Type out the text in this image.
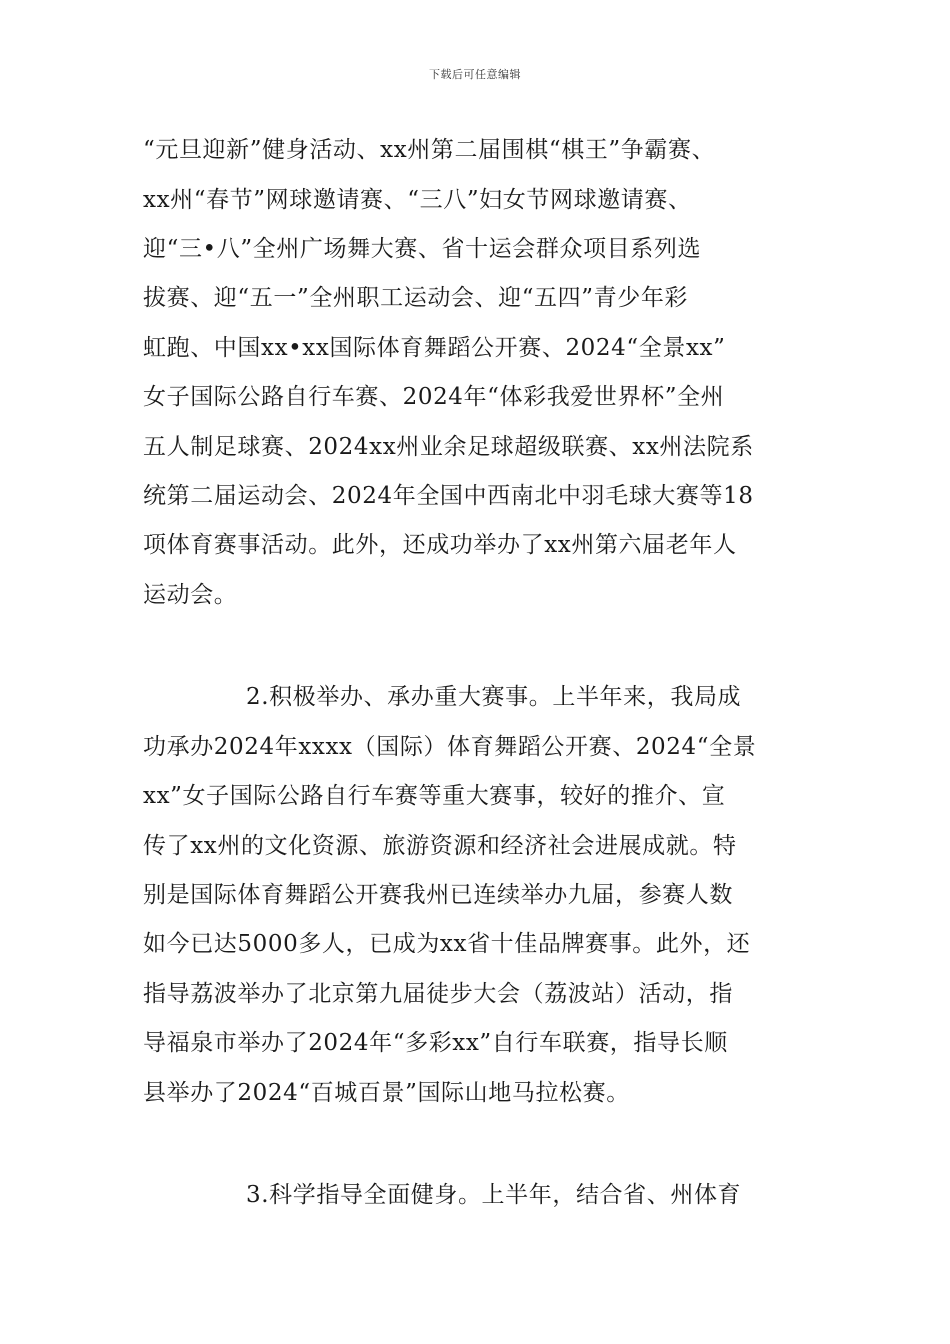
下载后可任意编辑
“元旦迎新”健身活动、xx州第二届围棋“棋王”争霸赛、
xx州“春节”网球邀请赛、“三八”妇女节网球邀请赛、
迎“三•八”全州广场舞大赛、省十运会群众项目系列选
拔赛、迎“五一”全州职工运动会、迎“五四”青少年彩
虹跑、中国xx•xx国际体育舞蹈公开赛、2024“全景xx”
女子国际公路自行车赛、2024年“体彩我爱世界杯”全州
五人制足球赛、2024xx州业余足球超级联赛、xx州法院系
统第二届运动会、2024年全国中西南北中羽毛球大赛等18
项体育赛事活动。此外，还成功举办了xx州第六届老年人
运动会。
2.积极举办、承办重大赛事。上半年来，我局成
功承办2024年xxxx（国际）体育舞蹈公开赛、2024“全景
xx”女子国际公路自行车赛等重大赛事，较好的推介、宣
传了xx州的文化资源、旅游资源和经济社会进展成就。特
别是国际体育舞蹈公开赛我州已连续举办九届，参赛人数
如今已达5000多人，已成为xx省十佳品牌赛事。此外，还
指导荔波举办了北京第九届徒步大会（荔波站）活动，指
导福泉市举办了2024年“多彩xx”自行车联赛，指导长顺
县举办了2024“百城百景”国际山地马拉松赛。
3.科学指导全面健身。上半年，结合省、州体育
